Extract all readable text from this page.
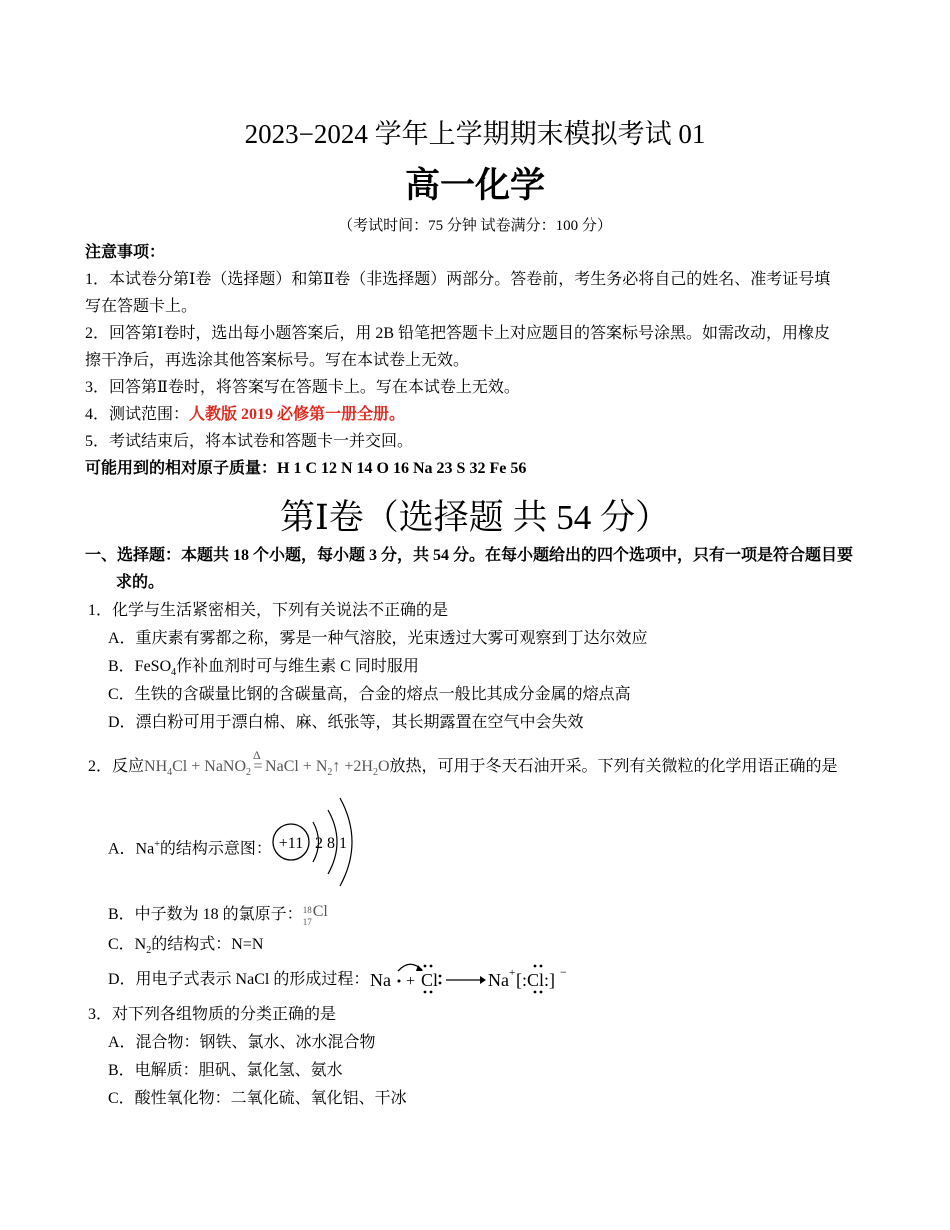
2023−2024 学年上学期期末模拟考试 01
高一化学
（考试时间：75 分钟 试卷满分：100 分）
注意事项：
1．本试卷分第Ⅰ卷（选择题）和第Ⅱ卷（非选择题）两部分。答卷前，考生务必将自己的姓名、准考证号填
写在答题卡上。
2．回答第Ⅰ卷时，选出每小题答案后，用 2B 铅笔把答题卡上对应题目的答案标号涂黑。如需改动，用橡皮
擦干净后，再选涂其他答案标号。写在本试卷上无效。
3．回答第Ⅱ卷时，将答案写在答题卡上。写在本试卷上无效。
4．测试范围：人教版 2019 必修第一册全册。
5．考试结束后，将本试卷和答题卡一并交回。
可能用到的相对原子质量：H 1 C 12 N 14 O 16 Na 23 S 32 Fe 56
第Ⅰ卷（选择题 共 54 分）
一、选择题：本题共 18 个小题，每小题 3 分，共 54 分。在每小题给出的四个选项中，只有一项是符合题目要
求的。
1．化学与生活紧密相关，下列有关说法不正确的是
A．重庆素有雾都之称，雾是一种气溶胶，光束透过大雾可观察到丁达尔效应
B．FeSO$_4$作补血剂时可与维生素 C 同时服用
C．生铁的含碳量比钢的含碳量高，合金的熔点一般比其成分金属的熔点高
D．漂白粉可用于漂白棉、麻、纸张等，其长期露置在空气中会失效
2．反应$NH_4Cl$ + NaNO$_2$
Δ
= NaCl + $N_2↑ +2H_2O$放热，可用于冬天石油开采。下列有关微粒的化学用语正确的是
A．Na+的结构示意图： +11 2 8 1
B．中子数为 18 的氯原子： 18
17
Cl
C．$N_2$的结构式：N=N
D．用电子式表示 NaCl 的形成过程： Na + Cl	Na + [:Cl:] −
3．对下列各组物质的分类正确的是
A．混合物：钢铁、氯水、冰水混合物
B．电解质：胆矾、氯化氢、氨水
C．酸性氧化物：二氧化硫、氧化铝、干冰
